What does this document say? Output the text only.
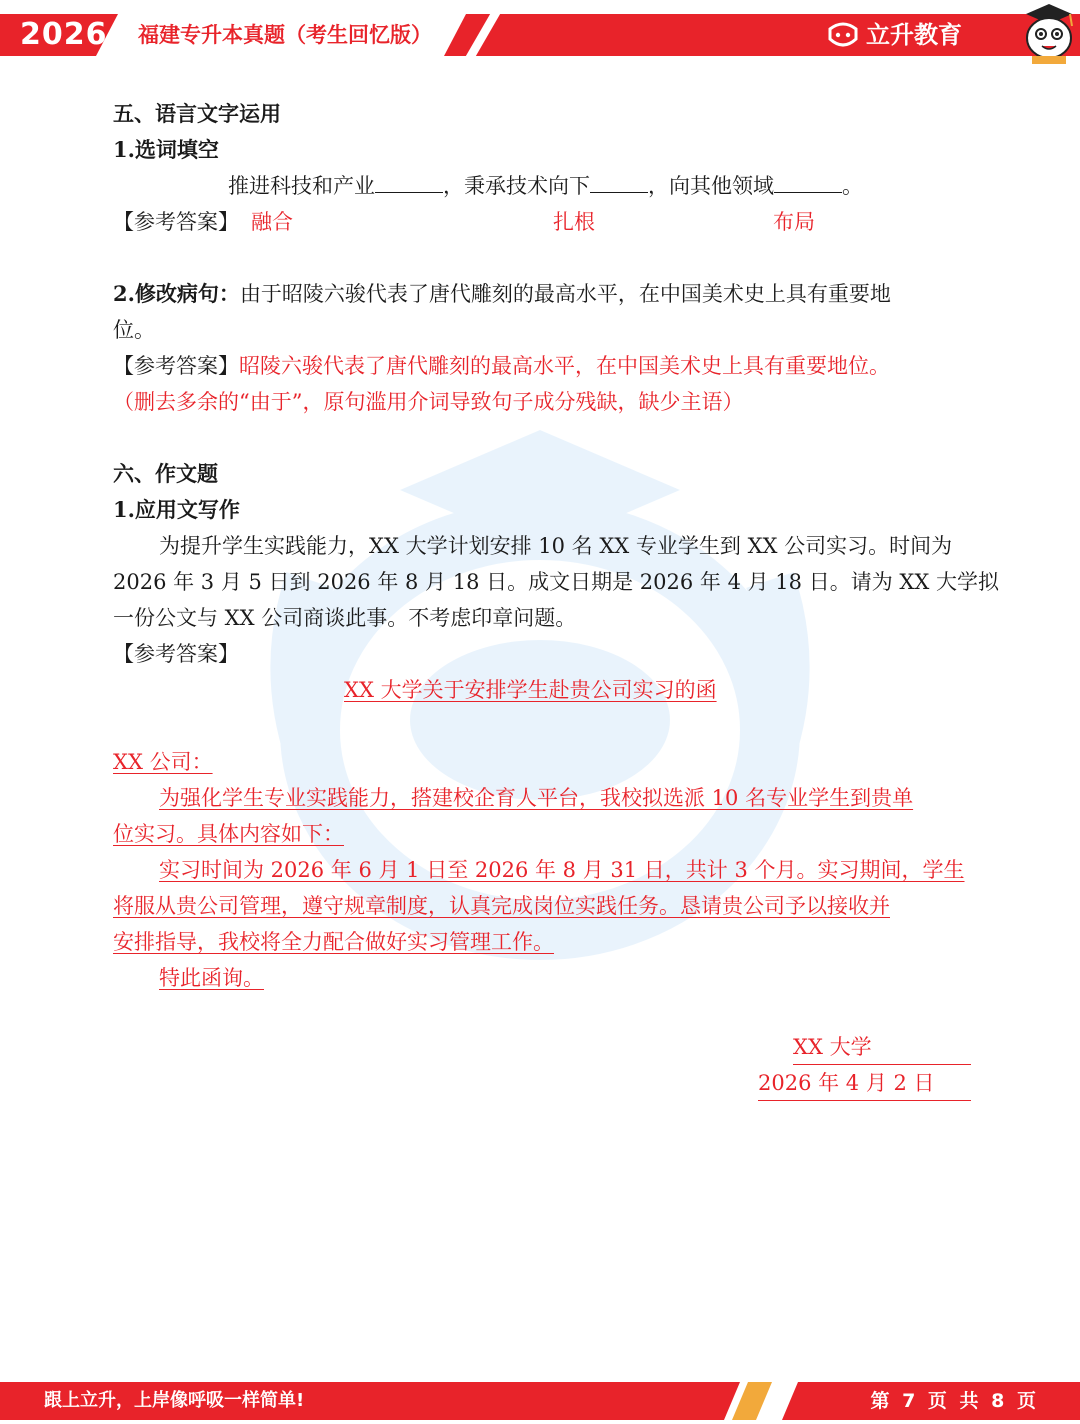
2026 福建专升本真题（考生回忆版）	立升教育
五、语言文字运用
1.选词填空
推进科技和产业	，秉承技术向下	，向其他领域	。
【参考答案】 融合	扎根	布局
2.修改病句：由于昭陵六骏代表了唐代雕刻的最高水平，在中国美术史上具有重要地
位。
【参考答案】昭陵六骏代表了唐代雕刻的最高水平，在中国美术史上具有重要地位。
（删去多余的“由于”，原句滥用介词导致句子成分残缺，缺少主语）
六、作文题
1.应用文写作
为提升学生实践能力，XX 大学计划安排 10 名 XX 专业学生到 XX 公司实习。时间为
2026 年 3 月 5 日到 2026 年 8 月 18 日。成文日期是 2026 年 4 月 18 日。请为 XX 大学拟
一份公文与 XX 公司商谈此事。不考虑印章问题。
【参考答案】
XX 大学关于安排学生赴贵公司实习的函
XX 公司：
为强化学生专业实践能力，搭建校企育人平台，我校拟选派 10 名专业学生到贵单
位实习。具体内容如下：
实习时间为 2026 年 6 月 1 日至 2026 年 8 月 31 日，共计 3 个月。实习期间，学生
将服从贵公司管理，遵守规章制度，认真完成岗位实践任务。恳请贵公司予以接收并
安排指导，我校将全力配合做好实习管理工作。
特此函询。
XX 大学
2026 年 4 月 2 日
跟上立升，上岸像呼吸一样简单!	第 7 页 共 8 页
